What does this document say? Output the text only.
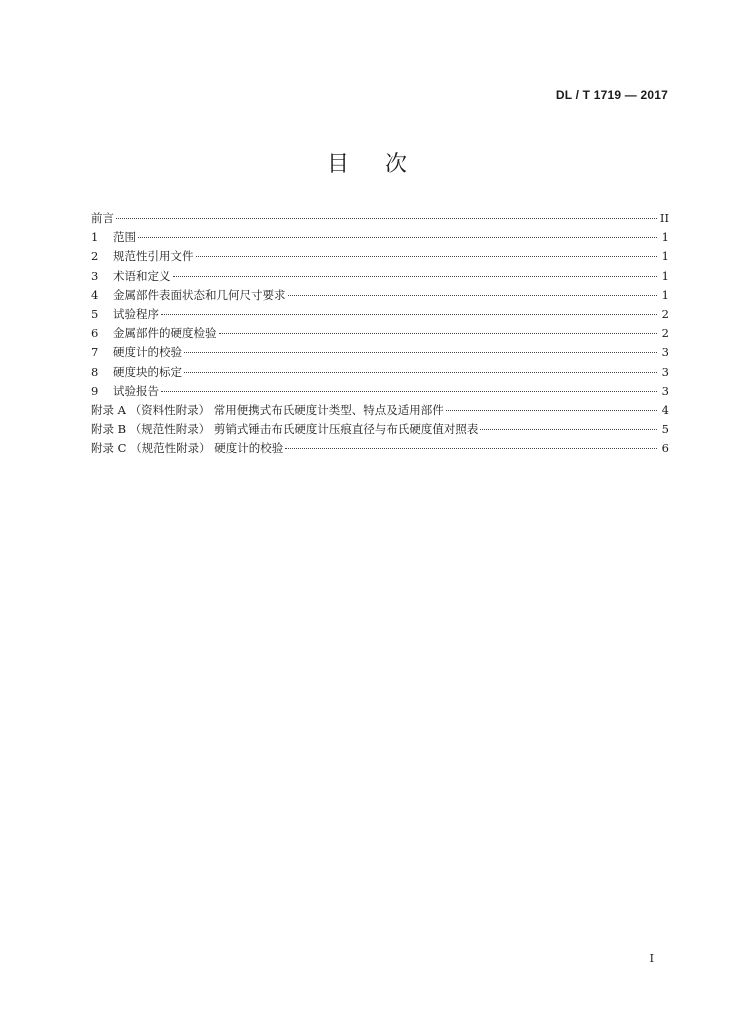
DL / T 1719 — 2017
目次
前言	II
1	范围	1
2	规范性引用文件	1
3	术语和定义	1
4	金属部件表面状态和几何尺寸要求	1
5	试验程序	2
6	金属部件的硬度检验	2
7	硬度计的校验	3
8	硬度块的标定	3
9	试验报告	3
附录 A （资料性附录） 常用便携式布氏硬度计类型、特点及适用部件	4
附录 B （规范性附录） 剪销式锤击布氏硬度计压痕直径与布氏硬度值对照表	5
附录 C （规范性附录） 硬度计的校验	6
I
